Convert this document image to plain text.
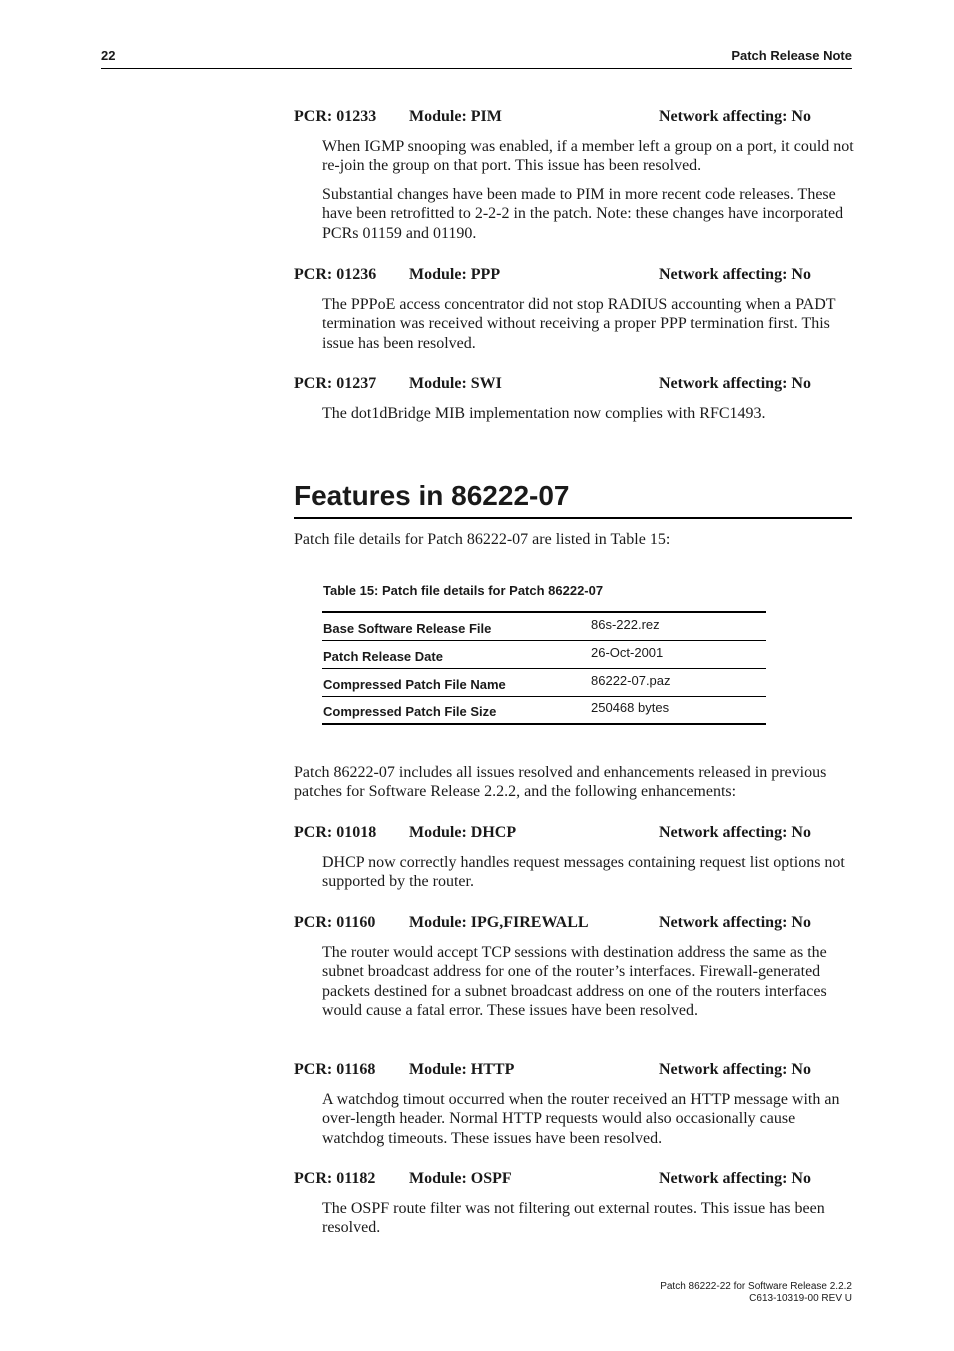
22	Patch Release Note
PCR: 01233 Module: PIM	Network affecting: No

When IGMP snooping was enabled, if a member left a group on a port, it could not re-join the group on that port. This issue has been resolved.

Substantial changes have been made to PIM in more recent code releases. These have been retrofitted to 2-2-2 in the patch. Note: these changes have incorporated PCRs 01159 and 01190.

PCR: 01236 Module: PPP	Network affecting: No

The PPPoE access concentrator did not stop RADIUS accounting when a PADT termination was received without receiving a proper PPP termination first. This issue has been resolved.

PCR: 01237 Module: SWI	Network affecting: No

The dot1dBridge MIB implementation now complies with RFC1493.

Features in 86222-07

Patch file details for Patch 86222-07 are listed in Table 15:

Table 15: Patch file details for Patch 86222-07
Base Software Release File	86s-222.rez
Patch Release Date	26-Oct-2001
Compressed Patch File Name	86222-07.paz
Compressed Patch File Size	250468 bytes

Patch 86222-07 includes all issues resolved and enhancements released in previous patches for Software Release 2.2.2, and the following enhancements:

PCR: 01018 Module: DHCP	Network affecting: No

DHCP now correctly handles request messages containing request list options not supported by the router.

PCR: 01160 Module: IPG,FIREWALL	Network affecting: No

The router would accept TCP sessions with destination address the same as the subnet broadcast address for one of the router’s interfaces. Firewall-generated packets destined for a subnet broadcast address on one of the routers interfaces would cause a fatal error. These issues have been resolved.

PCR: 01168 Module: HTTP	Network affecting: No

A watchdog timout occurred when the router received an HTTP message with an over-length header. Normal HTTP requests would also occasionally cause watchdog timeouts. These issues have been resolved.

PCR: 01182 Module: OSPF	Network affecting: No

The OSPF route filter was not filtering out external routes. This issue has been resolved.

Patch 86222-22 for Software Release 2.2.2
C613-10319-00 REV U
